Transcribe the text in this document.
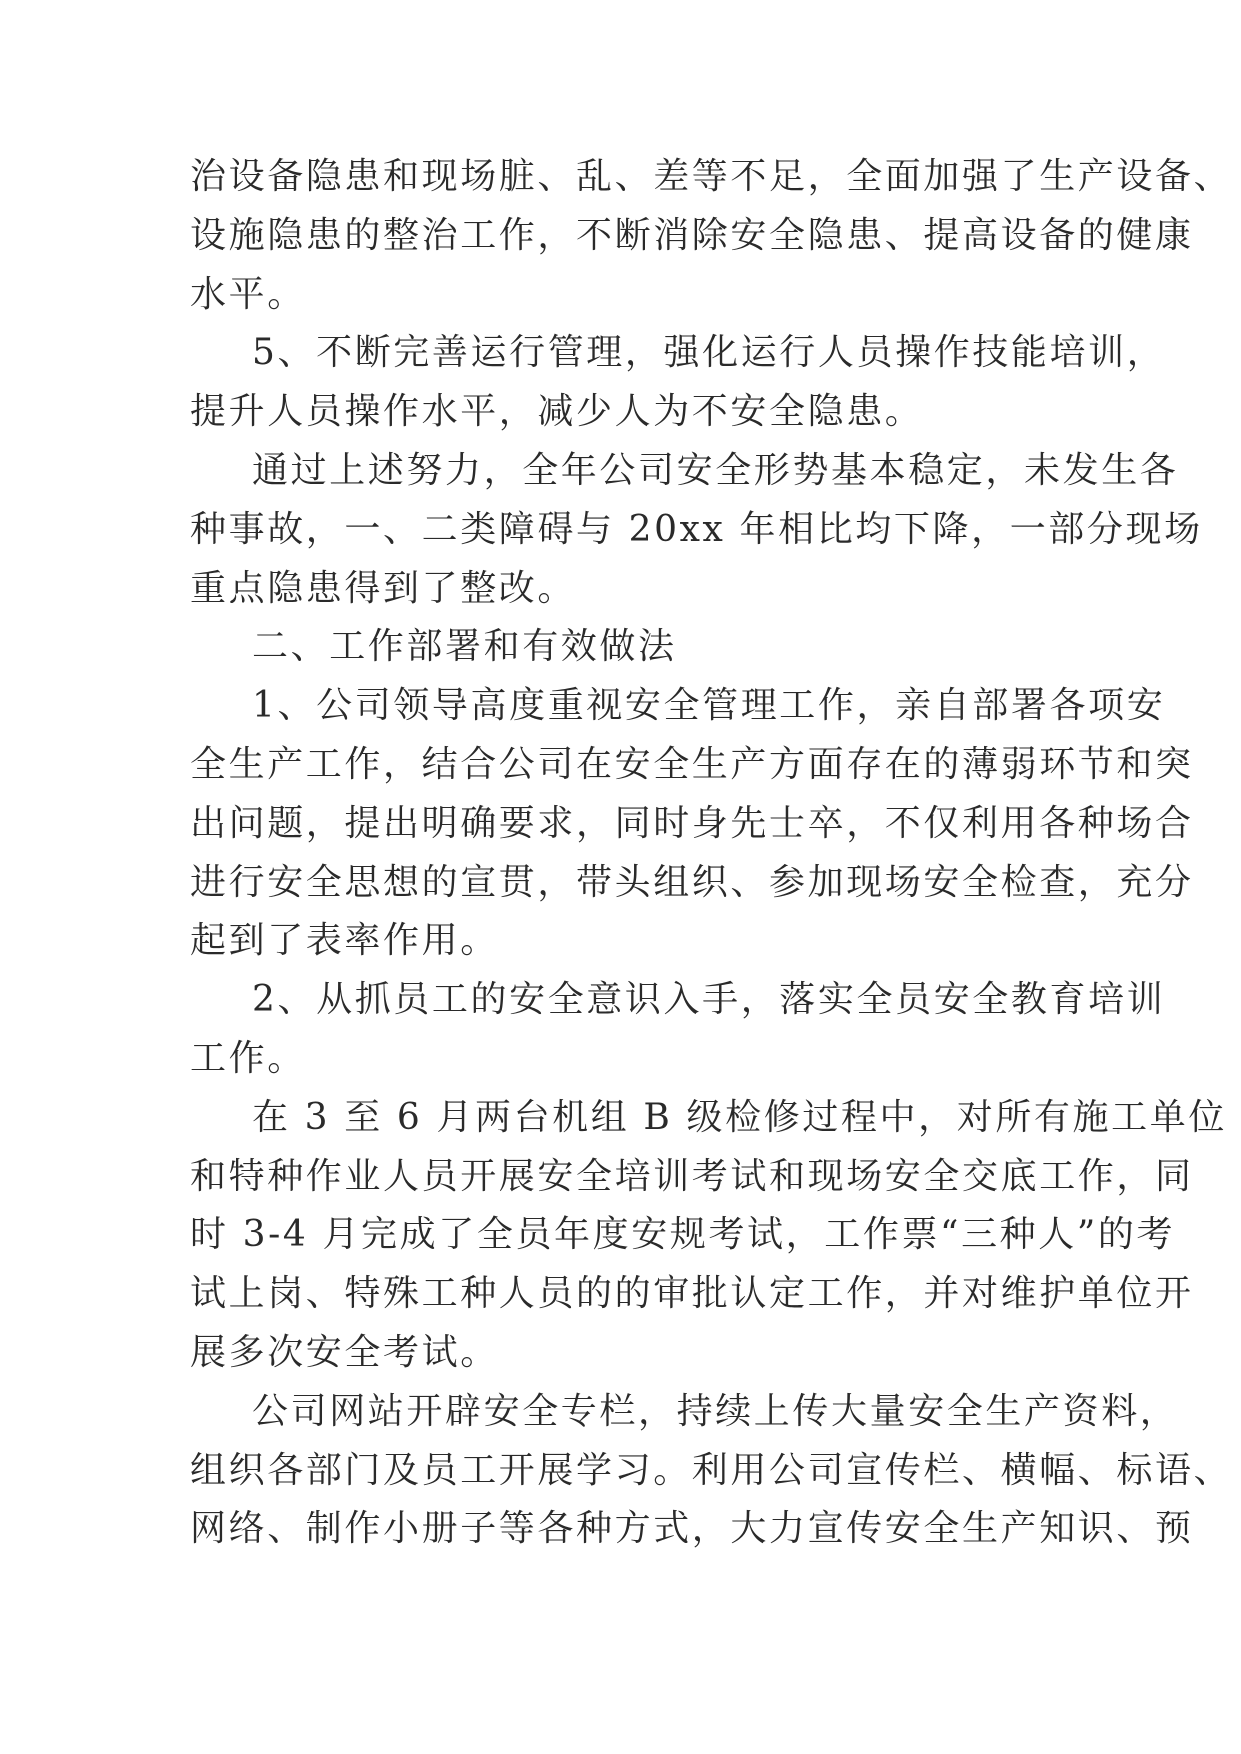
治设备隐患和现场脏、乱、差等不足，全面加强了生产设备、
设施隐患的整治工作，不断消除安全隐患、提高设备的健康
水平。
5、不断完善运行管理，强化运行人员操作技能培训，
提升人员操作水平，减少人为不安全隐患。
通过上述努力，全年公司安全形势基本稳定，未发生各
种事故，一、二类障碍与 20xx 年相比均下降，一部分现场
重点隐患得到了整改。
二、工作部署和有效做法
1、公司领导高度重视安全管理工作，亲自部署各项安
全生产工作，结合公司在安全生产方面存在的薄弱环节和突
出问题，提出明确要求，同时身先士卒，不仅利用各种场合
进行安全思想的宣贯，带头组织、参加现场安全检查，充分
起到了表率作用。
2、从抓员工的安全意识入手，落实全员安全教育培训
工作。
在 3 至 6 月两台机组 B 级检修过程中，对所有施工单位
和特种作业人员开展安全培训考试和现场安全交底工作，同
时 3-4 月完成了全员年度安规考试，工作票“三种人”的考
试上岗、特殊工种人员的的审批认定工作，并对维护单位开
展多次安全考试。
公司网站开辟安全专栏，持续上传大量安全生产资料，
组织各部门及员工开展学习。利用公司宣传栏、横幅、标语、
网络、制作小册子等各种方式，大力宣传安全生产知识、预
